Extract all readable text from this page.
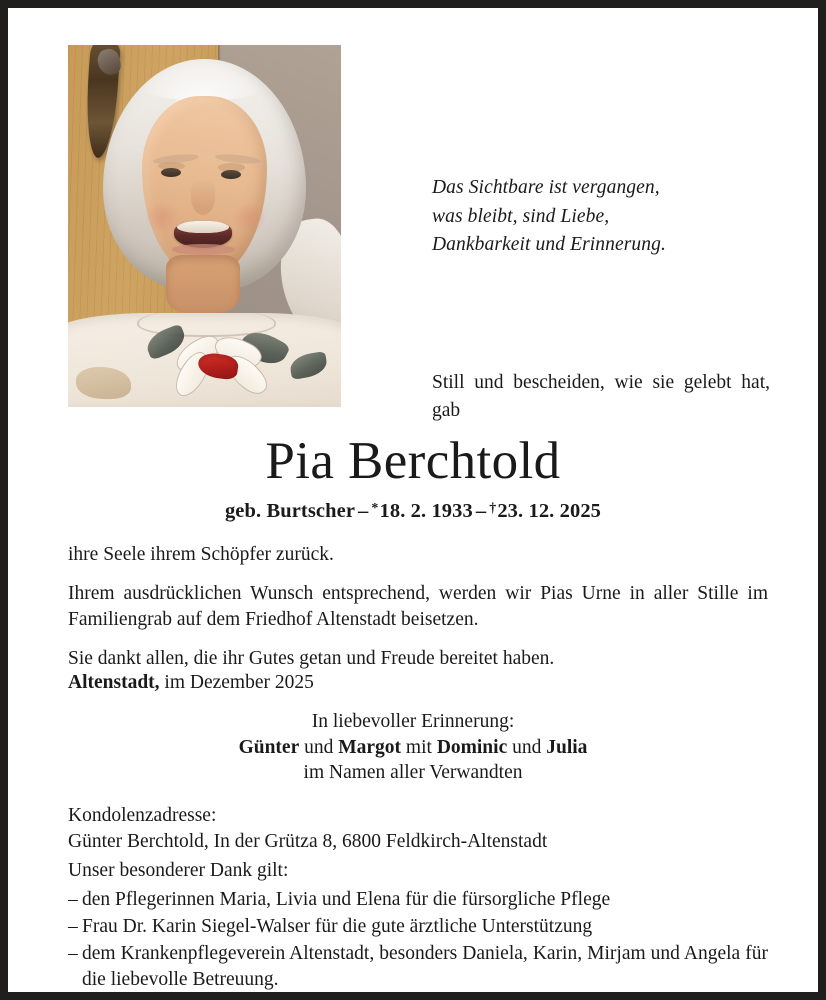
Das Sichtbare ist vergangen,
was bleibt, sind Liebe,
Dankbarkeit und Erinnerung.
Still und bescheiden, wie sie gelebt hat, gab
Pia Berchtold
geb. Burtscher – *18. 2. 1933 – †23. 12. 2025

ihre Seele ihrem Schöpfer zurück.

Ihrem ausdrücklichen Wunsch entsprechend, werden wir Pias Urne in aller Stille im Familiengrab auf dem Friedhof Altenstadt beisetzen.

Sie dankt allen, die ihr Gutes getan und Freude bereitet haben.

Altenstadt, im Dezember 2025
In liebevoller Erinnerung:
Günter und Margot mit Dominic und Julia
im Namen aller Verwandten
Kondolenzadresse:
Günter Berchtold, In der Grützа 8, 6800 Feldkirch-Altenstadt
Unser besonderer Dank gilt:
– den Pflegerinnen Maria, Livia und Elena für die fürsorgliche Pflege
– Frau Dr. Karin Siegel-Walser für die gute ärztliche Unterstützung
– dem Krankenpflegeverein Altenstadt, besonders Daniela, Karin, Mirjam und Angela für die liebevolle Betreuung.
